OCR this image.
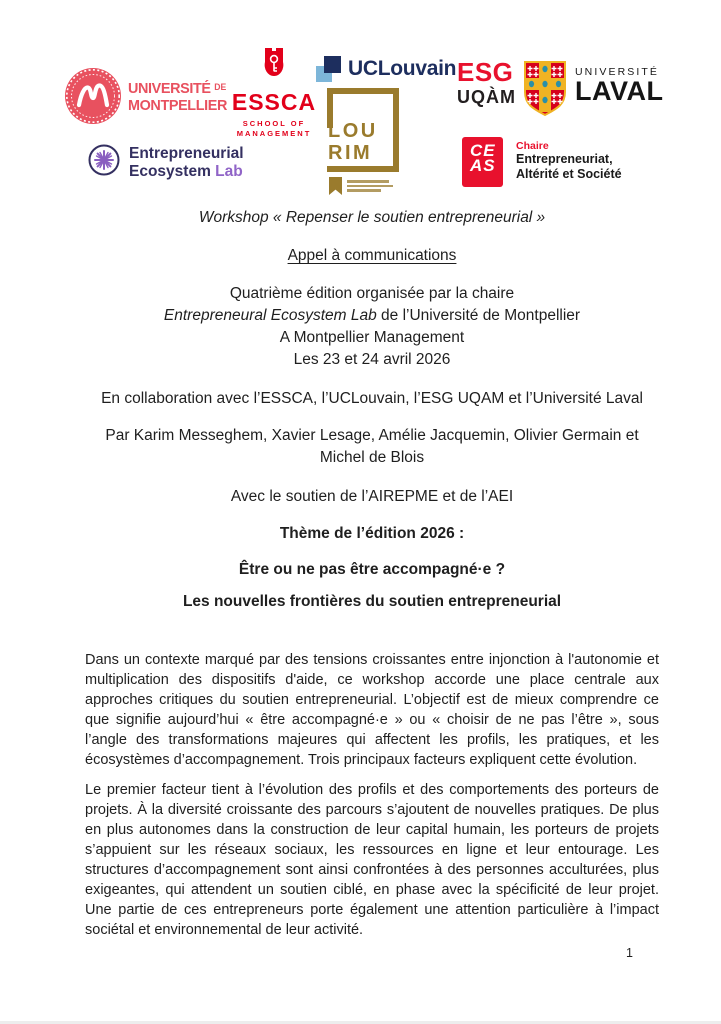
UNIVERSITÉ $^{DE}$
MONTPELLIER ESSCA
SCHOOL OF
MANAGEMENT
UCLouvain
LOU
RIM
ESG
UQÀM
UNIVERSITÉ
LAVAL
Entrepreneurial
Ecosystem Lab
CE
AS
Chaire
Entrepreneuriat,
Altérité et Société

Workshop « Repenser le soutien entrepreneurial »

Appel à communications

Quatrième édition organisée par la chaire
Entrepreneural Ecosystem Lab de l’Université de Montpellier
A Montpellier Management
Les 23 et 24 avril 2026

En collaboration avec l’ESSCA, l’UCLouvain, l’ESG UQAM et l’Université Laval

Par Karim Messeghem, Xavier Lesage, Amélie Jacquemin, Olivier Germain et
Michel de Blois

Avec le soutien de l’AIREPME et de l’AEI

Thème de l’édition 2026 :

Être ou ne pas être accompagné·e ?

Les nouvelles frontières du soutien entrepreneurial

Dans un contexte marqué par des tensions croissantes entre injonction à l'autonomie et multiplication des dispositifs d'aide, ce workshop accorde une place centrale aux approches critiques du soutien entrepreneurial. L’objectif est de mieux comprendre ce que signifie aujourd’hui « être accompagné·e » ou « choisir de ne pas l’être », sous l’angle des transformations majeures qui affectent les profils, les pratiques, et les écosystèmes d’accompagnement. Trois principaux facteurs expliquent cette évolution.

Le premier facteur tient à l’évolution des profils et des comportements des porteurs de projets. À la diversité croissante des parcours s’ajoutent de nouvelles pratiques. De plus en plus autonomes dans la construction de leur capital humain, les porteurs de projets s’appuient sur les réseaux sociaux, les ressources en ligne et leur entourage. Les structures d’accompagnement sont ainsi confrontées à des personnes acculturées, plus exigeantes, qui attendent un soutien ciblé, en phase avec la spécificité de leur projet. Une partie de ces entrepreneurs porte également une attention particulière à l’impact sociétal et environnemental de leur activité.

1
